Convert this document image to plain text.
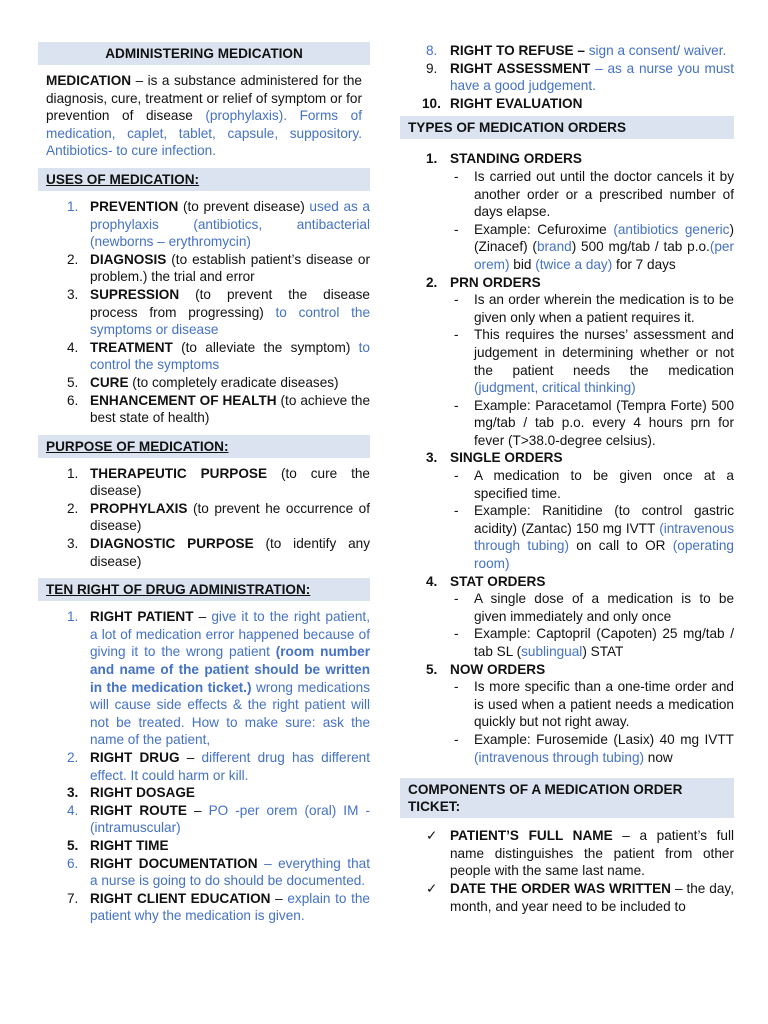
ADMINISTERING MEDICATION
MEDICATION – is a substance administered for the diagnosis, cure, treatment or relief of symptom or for prevention of disease (prophylaxis). Forms of medication, caplet, tablet, capsule, suppository. Antibiotics- to cure infection.
USES OF MEDICATION:
1. PREVENTION (to prevent disease) used as a prophylaxis (antibiotics, antibacterial (newborns – erythromycin)
2. DIAGNOSIS (to establish patient’s disease or problem.) the trial and error
3. SUPRESSION (to prevent the disease process from progressing) to control the symptoms or disease
4. TREATMENT (to alleviate the symptom) to control the symptoms
5. CURE (to completely eradicate diseases)
6. ENHANCEMENT OF HEALTH (to achieve the best state of health)
PURPOSE OF MEDICATION:
1. THERAPEUTIC PURPOSE (to cure the disease)
2. PROPHYLAXIS (to prevent he occurrence of disease)
3. DIAGNOSTIC PURPOSE (to identify any disease)
TEN RIGHT OF DRUG ADMINISTRATION:
1. RIGHT PATIENT – give it to the right patient, a lot of medication error happened because of giving it to the wrong patient (room number and name of the patient should be written in the medication ticket.) wrong medications will cause side effects & the right patient will not be treated. How to make sure: ask the name of the patient,
2. RIGHT DRUG – different drug has different effect. It could harm or kill.
3. RIGHT DOSAGE
4. RIGHT ROUTE – PO -per orem (oral) IM - (intramuscular)
5. RIGHT TIME
6. RIGHT DOCUMENTATION – everything that a nurse is going to do should be documented.
7. RIGHT CLIENT EDUCATION – explain to the patient why the medication is given.
8. RIGHT TO REFUSE – sign a consent/ waiver.
9. RIGHT ASSESSMENT – as a nurse you must have a good judgement.
10. RIGHT EVALUATION
TYPES OF MEDICATION ORDERS
1. STANDING ORDERS
- Is carried out until the doctor cancels it by another order or a prescribed number of days elapse.
- Example: Cefuroxime (antibiotics generic) (Zinacef) (brand) 500 mg/tab / tab p.o.(per orem) bid (twice a day) for 7 days
2. PRN ORDERS
- Is an order wherein the medication is to be given only when a patient requires it.
- This requires the nurses’ assessment and judgement in determining whether or not the patient needs the medication (judgment, critical thinking)
- Example: Paracetamol (Tempra Forte) 500 mg/tab / tab p.o. every 4 hours prn for fever (T>38.0-degree celsius).
3. SINGLE ORDERS
- A medication to be given once at a specified time.
- Example: Ranitidine (to control gastric acidity) (Zantac) 150 mg IVTT (intravenous through tubing) on call to OR (operating room)
4. STAT ORDERS
- A single dose of a medication is to be given immediately and only once
- Example: Captopril (Capoten) 25 mg/tab / tab SL (sublingual) STAT
5. NOW ORDERS
- Is more specific than a one-time order and is used when a patient needs a medication quickly but not right away.
- Example: Furosemide (Lasix) 40 mg IVTT (intravenous through tubing) now
COMPONENTS OF A MEDICATION ORDER TICKET:
✓ PATIENT’S FULL NAME – a patient’s full name distinguishes the patient from other people with the same last name.
✓ DATE THE ORDER WAS WRITTEN – the day, month, and year need to be included to
